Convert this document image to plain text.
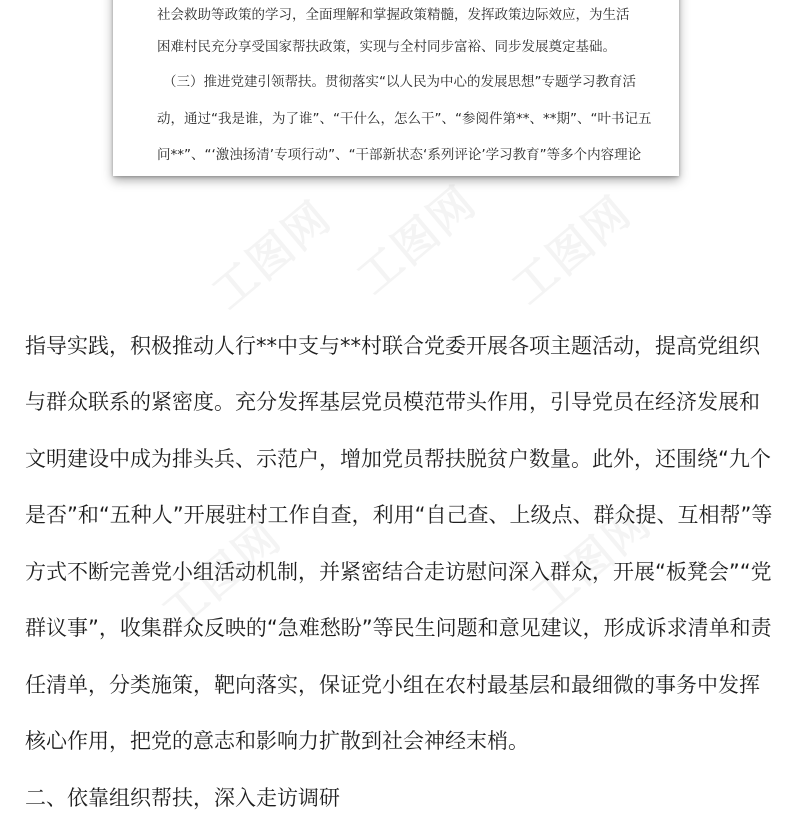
社会救助等政策的学习，全面理解和掌握政策精髓，发挥政策边际效应，为生活
困难村民充分享受国家帮扶政策，实现与全村同步富裕、同步发展奠定基础。
（三）推进党建引领帮扶。贯彻落实“以人民为中心的发展思想”专题学习教育活
动，通过“我是谁，为了谁”、“干什么，怎么干”、“参阅件第**、**期”、“叶书记五
问**”、“‘激浊扬清’专项行动”、“干部新状态‘系列评论’学习教育”等多个内容理论
指导实践，积极推动人行**中支与**村联合党委开展各项主题活动，提高党组织
与群众联系的紧密度。充分发挥基层党员模范带头作用，引导党员在经济发展和
文明建设中成为排头兵、示范户，增加党员帮扶脱贫户数量。此外，还围绕“九个
是否”和“五种人”开展驻村工作自查，利用“自己查、上级点、群众提、互相帮”等
方式不断完善党小组活动机制，并紧密结合走访慰问深入群众，开展“板凳会”“党
群议事”，收集群众反映的“急难愁盼”等民生问题和意见建议，形成诉求清单和责
任清单，分类施策，靶向落实，保证党小组在农村最基层和最细微的事务中发挥
核心作用，把党的意志和影响力扩散到社会神经末梢。
二、依靠组织帮扶，深入走访调研
